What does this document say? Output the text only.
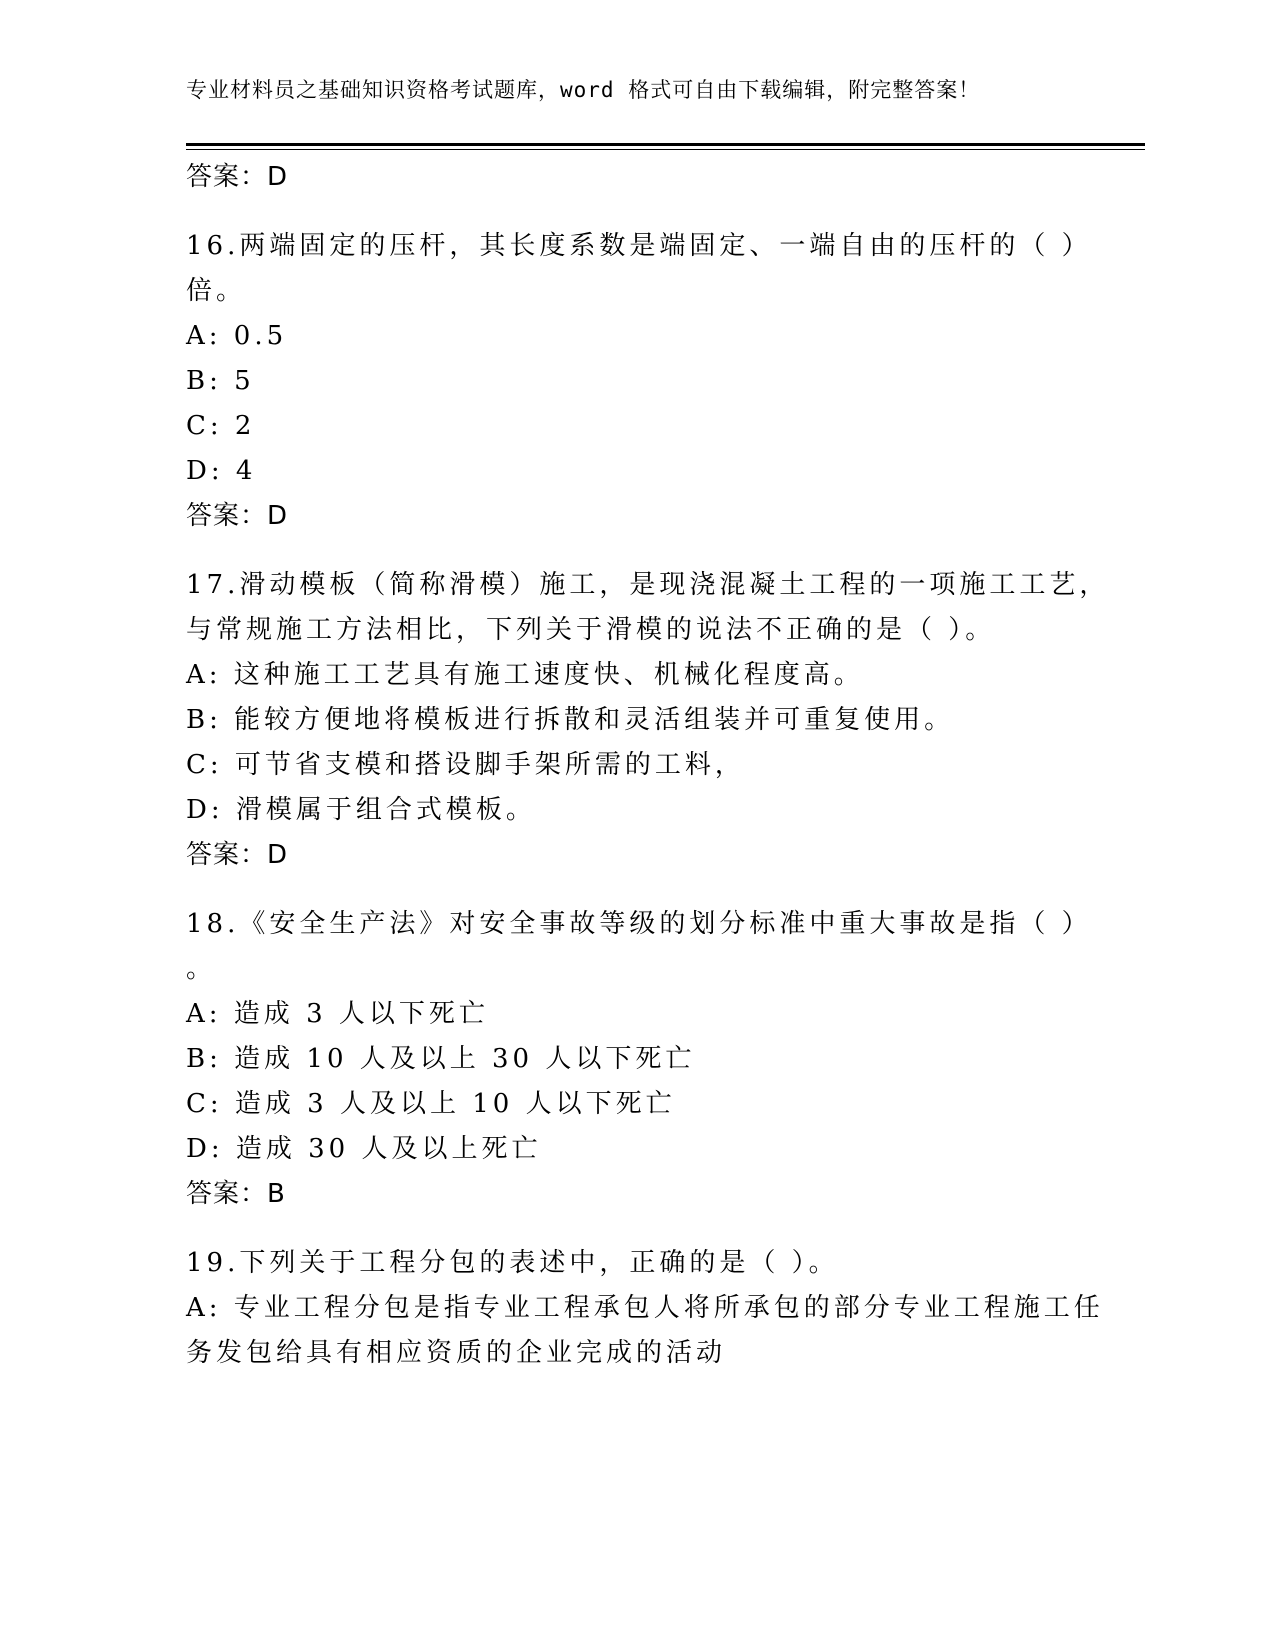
专业材料员之基础知识资格考试题库，word 格式可自由下载编辑，附完整答案！
答案：D
16.两端固定的压杆，其长度系数是端固定、一端自由的压杆的（ ）
倍。
A: 0.5
B: 5
C: 2
D: 4
答案：D
17.滑动模板（简称滑模）施工，是现浇混凝土工程的一项施工工艺，
与常规施工方法相比，下列关于滑模的说法不正确的是（ ）。
A: 这种施工工艺具有施工速度快、机械化程度高。
B: 能较方便地将模板进行拆散和灵活组装并可重复使用。
C: 可节省支模和搭设脚手架所需的工料，
D: 滑模属于组合式模板。
答案：D
18.《安全生产法》对安全事故等级的划分标准中重大事故是指（ ）
。
A: 造成 3 人以下死亡
B: 造成 10 人及以上 30 人以下死亡
C: 造成 3 人及以上 10 人以下死亡
D: 造成 30 人及以上死亡
答案：B
19.下列关于工程分包的表述中，正确的是（ ）。
A: 专业工程分包是指专业工程承包人将所承包的部分专业工程施工任
务发包给具有相应资质的企业完成的活动
